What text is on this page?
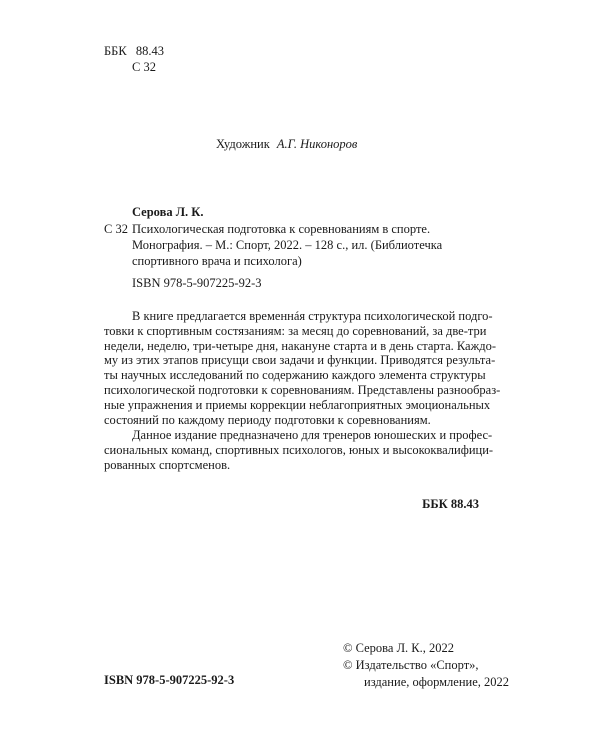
ББК 88.43
С 32
Художник А.Г. Никоноров
Серова Л. К.
С 32 Психологическая подготовка к соревнованиям в спорте.
Монография. – М.: Спорт, 2022. – 128 с., ил. (Библиотечка
спортивного врача и психолога)
ISBN 978-5-907225-92-3
В книге предлагается временнáя структура психологической подго-
товки к спортивным состязаниям: за месяц до соревнований, за две-три
недели, неделю, три-четыре дня, накануне старта и в день старта. Каждо-
му из этих этапов присущи свои задачи и функции. Приводятся результа-
ты научных исследований по содержанию каждого элемента структуры
психологической подготовки к соревнованиям. Представлены разнообраз-
ные упражнения и приемы коррекции неблагоприятных эмоциональных
состояний по каждому периоду подготовки к соревнованиям.
Данное издание предназначено для тренеров юношеских и профес-
сиональных команд, спортивных психологов, юных и высококвалифици-
рованных спортсменов.
ББК 88.43
© Серова Л. К., 2022
© Издательство «Спорт»,
издание, оформление, 2022
ISBN 978-5-907225-92-3
